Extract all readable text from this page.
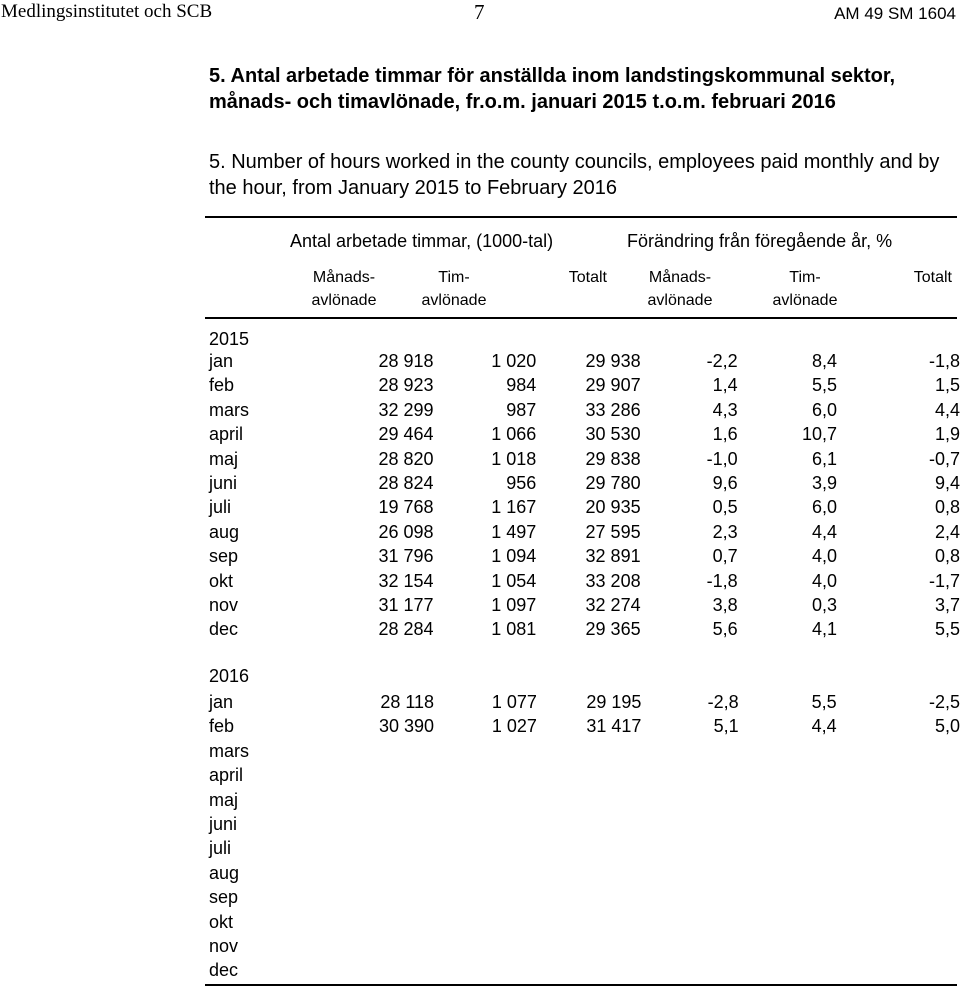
Medlingsinstitutet och SCB	7	AM 49 SM 1604
5. Antal arbetade timmar för anställda inom landstingskommunal sektor, månads- och timavlönade, fr.o.m. januari 2015 t.o.m. februari 2016
5. Number of hours worked in the county councils, employees paid monthly and by the hour, from January 2015 to February 2016
Antal arbetade timmar, (1000-tal)	Förändring från föregående år, %
Månads-
avlönade
Tim-
avlönade
Totalt	Månads-
avlönade
Tim-
avlönade
Totalt
2015
jan	28 918	1 020	29 938	-2,2	8,4	-1,8
feb	28 923	984	29 907	1,4	5,5	1,5
mars	32 299	987	33 286	4,3	6,0	4,4
april	29 464	1 066	30 530	1,6	10,7	1,9
maj	28 820	1 018	29 838	-1,0	6,1	-0,7
juni	28 824	956	29 780	9,6	3,9	9,4
juli	19 768	1 167	20 935	0,5	6,0	0,8
aug	26 098	1 497	27 595	2,3	4,4	2,4
sep	31 796	1 094	32 891	0,7	4,0	0,8
okt	32 154	1 054	33 208	-1,8	4,0	-1,7
nov	31 177	1 097	32 274	3,8	0,3	3,7
dec	28 284	1 081	29 365	5,6	4,1	5,5
2016
jan	28 118	1 077	29 195	-2,8	5,5	-2,5
feb	30 390	1 027	31 417	5,1	4,4	5,0
mars						
april						
maj						
juni						
juli						
aug						
sep						
okt						
nov						
dec						
